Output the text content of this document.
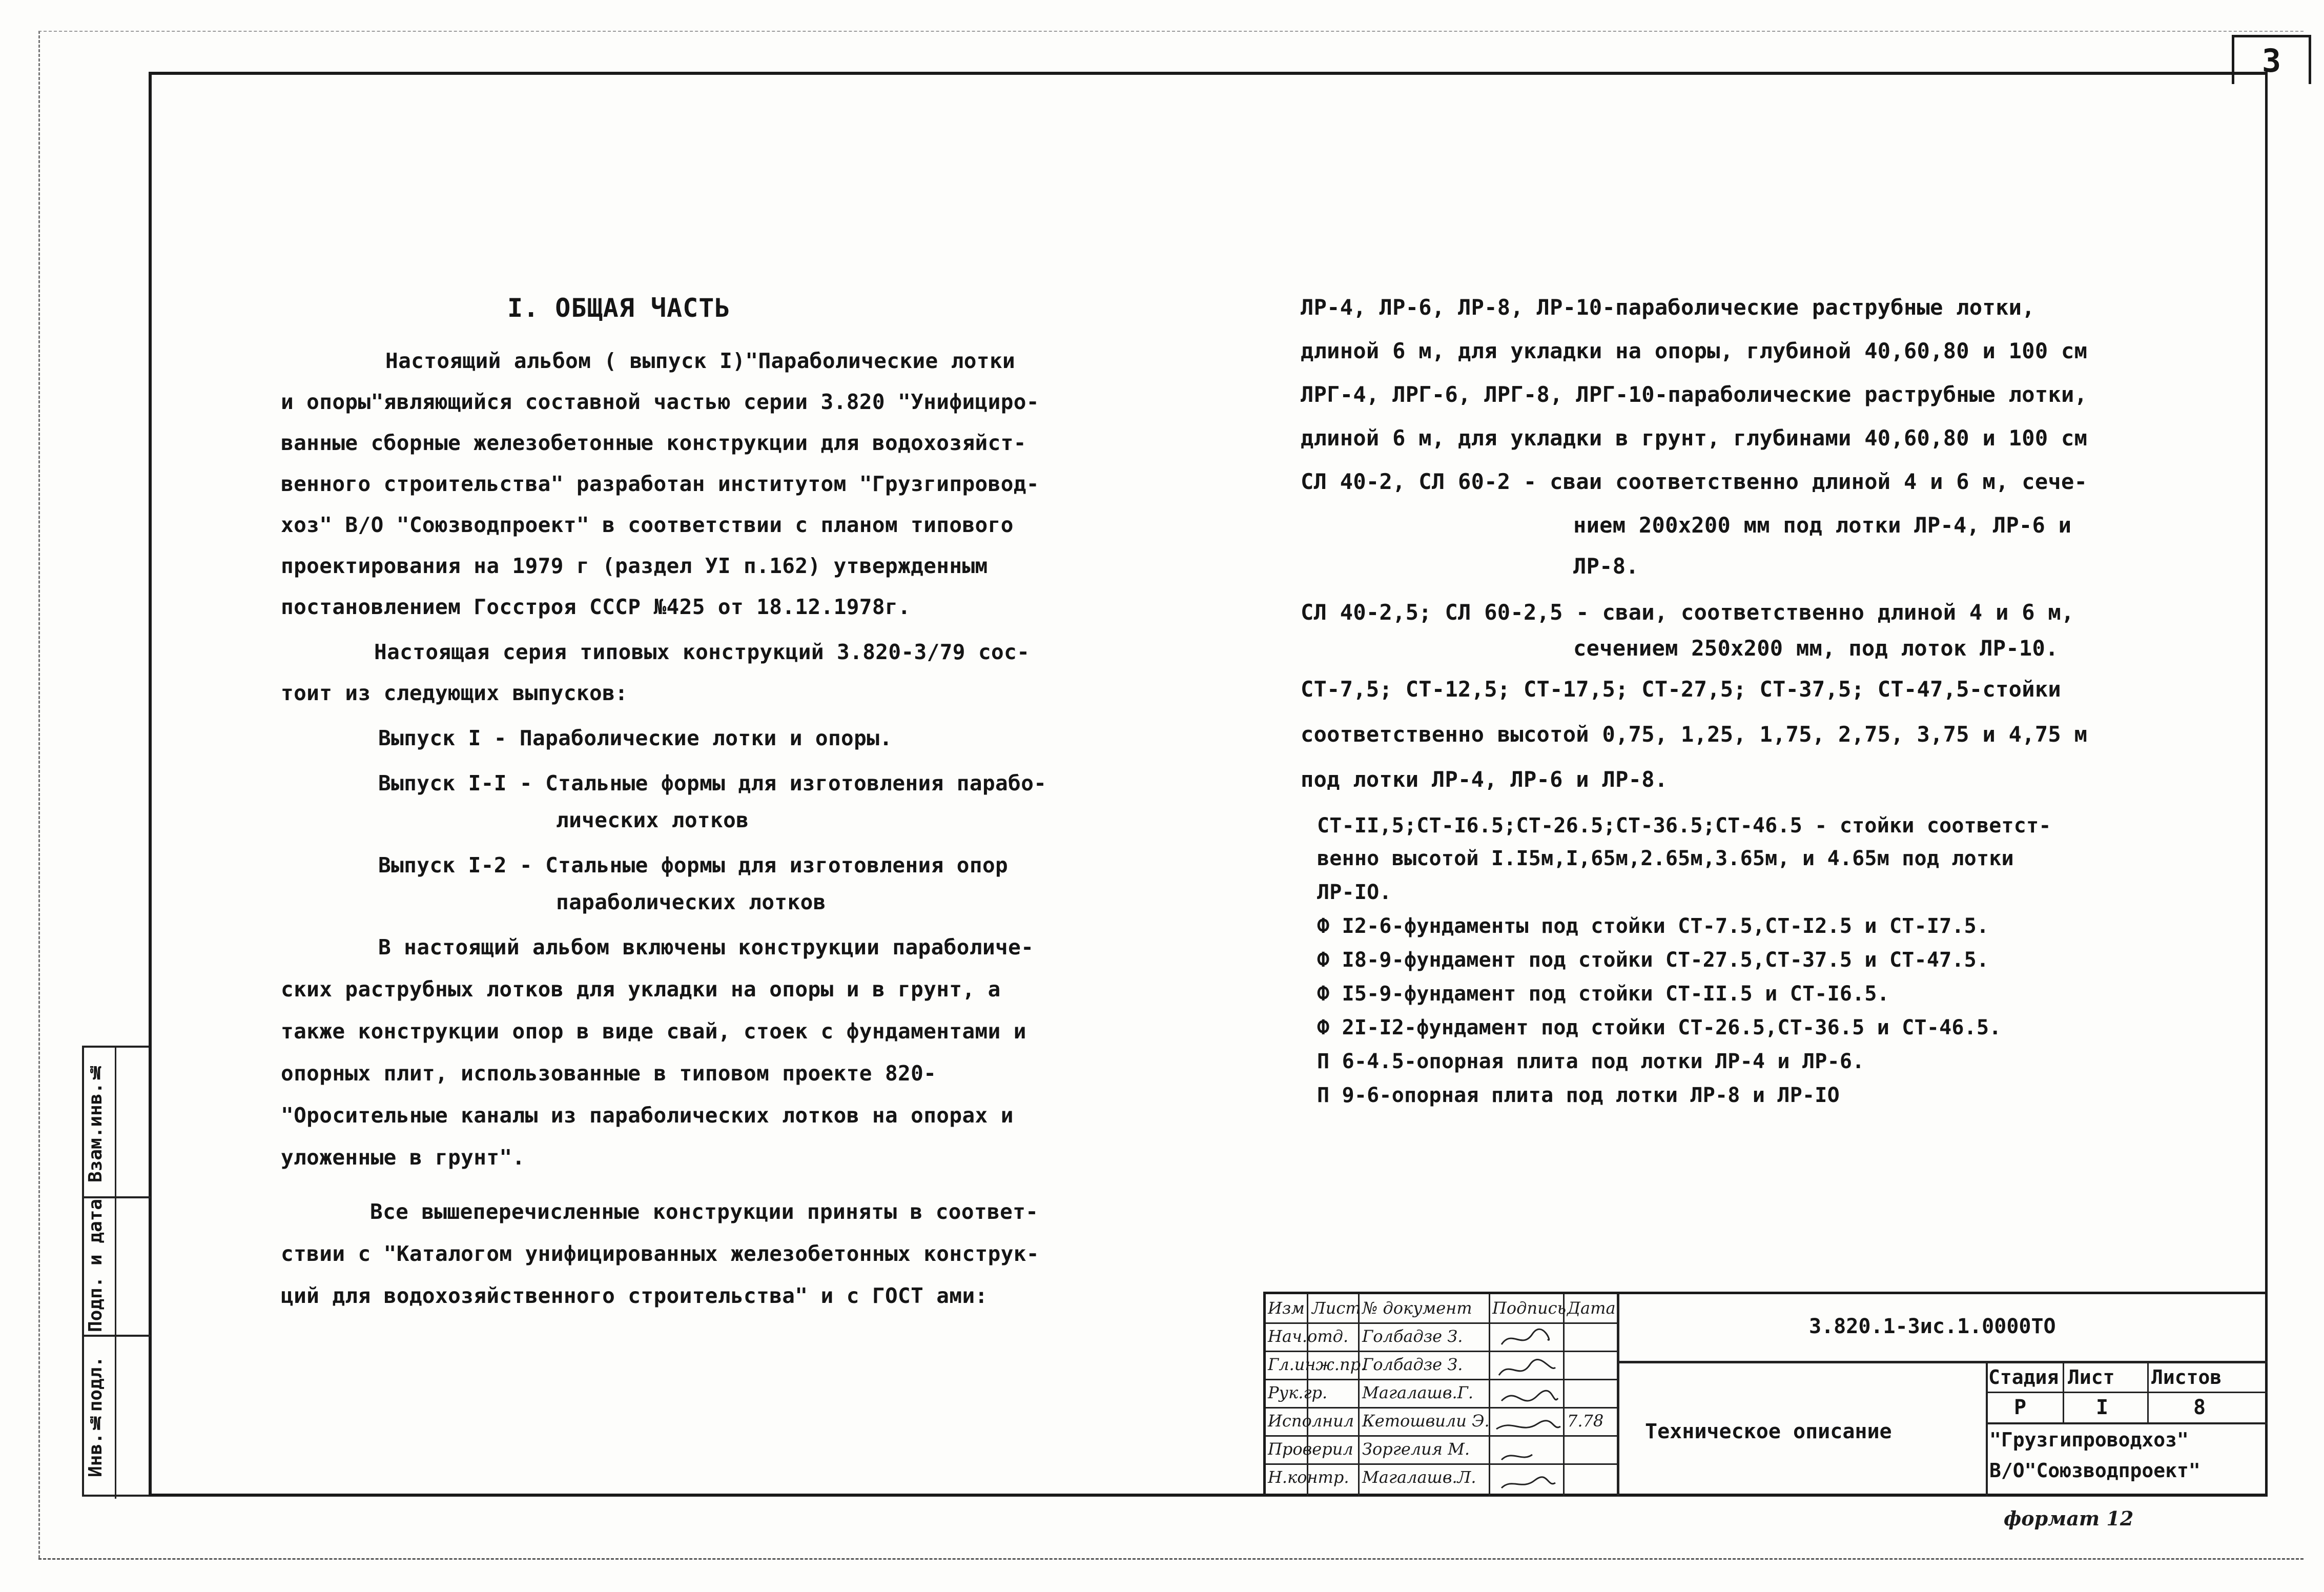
3
Инв.№подл.
Подп. и дата
Взам.инв.№
I. ОБЩАЯ ЧАСТЬ
Настоящий альбом ( выпуск I)"Параболические лотки
и опоры"являющийся составной частью серии 3.820 "Унифициро-
ванные сборные железобетонные конструкции для водохозяйст-
венного строительства" разработан институтом "Грузгипровод-
хоз" В/О "Союзводпроект" в соответствии с планом типового
проектирования на 1979 г (раздел УI п.162) утвержденным
постановлением Госстроя СССР №425 от 18.12.1978г.
Настоящая серия типовых конструкций 3.820-3/79 сос-
тоит из следующих выпусков:
Выпуск I - Параболические лотки и опоры.
Выпуск I-I - Стальные формы для изготовления парабо-
лических лотков
Выпуск I-2 - Стальные формы для изготовления опор
параболических лотков
В настоящий альбом включены конструкции параболиче-
ских раструбных лотков для укладки на опоры и в грунт, а
также конструкции опор в виде свай, стоек с фундаментами и
опорных плит, использованные в типовом проекте 820-
"Оросительные каналы из параболических лотков на опорах и
уложенные в грунт".
Все вышеперечисленные конструкции приняты в соответ-
ствии с "Каталогом унифицированных железобетонных конструк-
ций для водохозяйственного строительства" и с ГОСТ ами:
ЛР-4, ЛР-6, ЛР-8, ЛР-10-параболические раструбные лотки,
длиной 6 м, для укладки на опоры, глубиной 40,60,80 и 100 см
ЛРГ-4, ЛРГ-6, ЛРГ-8, ЛРГ-10-параболические раструбные лотки,
длиной 6 м, для укладки в грунт, глубинами 40,60,80 и 100 см
СЛ 40-2, СЛ 60-2 - сваи соответственно длиной 4 и 6 м, сече-
нием 200х200 мм под лотки ЛР-4, ЛР-6 и
ЛР-8.
СЛ 40-2,5; СЛ 60-2,5 - сваи, соответственно длиной 4 и 6 м,
сечением 250х200 мм, под лоток ЛР-10.
СТ-7,5; СТ-12,5; СТ-17,5; СТ-27,5; СТ-37,5; СТ-47,5-стойки
соответственно высотой 0,75, 1,25, 1,75, 2,75, 3,75 и 4,75 м
под лотки ЛР-4, ЛР-6 и ЛР-8.
СТ-II,5;СТ-I6.5;СТ-26.5;СТ-36.5;СТ-46.5 - стойки соответст-
венно высотой I.I5м,I,65м,2.65м,3.65м, и 4.65м под лотки
ЛР-IO.
Ф I2-6-фундаменты под стойки СТ-7.5,СТ-I2.5 и СТ-I7.5.
Ф I8-9-фундамент под стойки СТ-27.5,СТ-37.5 и СТ-47.5.
Ф I5-9-фундамент под стойки СТ-II.5 и СТ-I6.5.
Ф 2I-I2-фундамент под стойки СТ-26.5,СТ-36.5 и СТ-46.5.
П 6-4.5-опорная плита под лотки ЛР-4 и ЛР-6.
П 9-6-опорная плита под лотки ЛР-8 и ЛР-IO
Изм Лист № документ Подпись Дата
Нач.отд.
Гл.инж.пр.
Рук.гр.
Исполнил
Проверил
Н.контр.
Голбадзе З.
Голбадзе З.
Магалашв.Г.
Кетошвили Э.
Зоргелия М.
Магалашв.Л.
7.78
3.820.1-3ис.1.0000ТО
Техническое описание
Стадия Лист Листов
Р	I	8
"Грузгипроводхоз"
В/О"Союзводпроект"
формат 12
